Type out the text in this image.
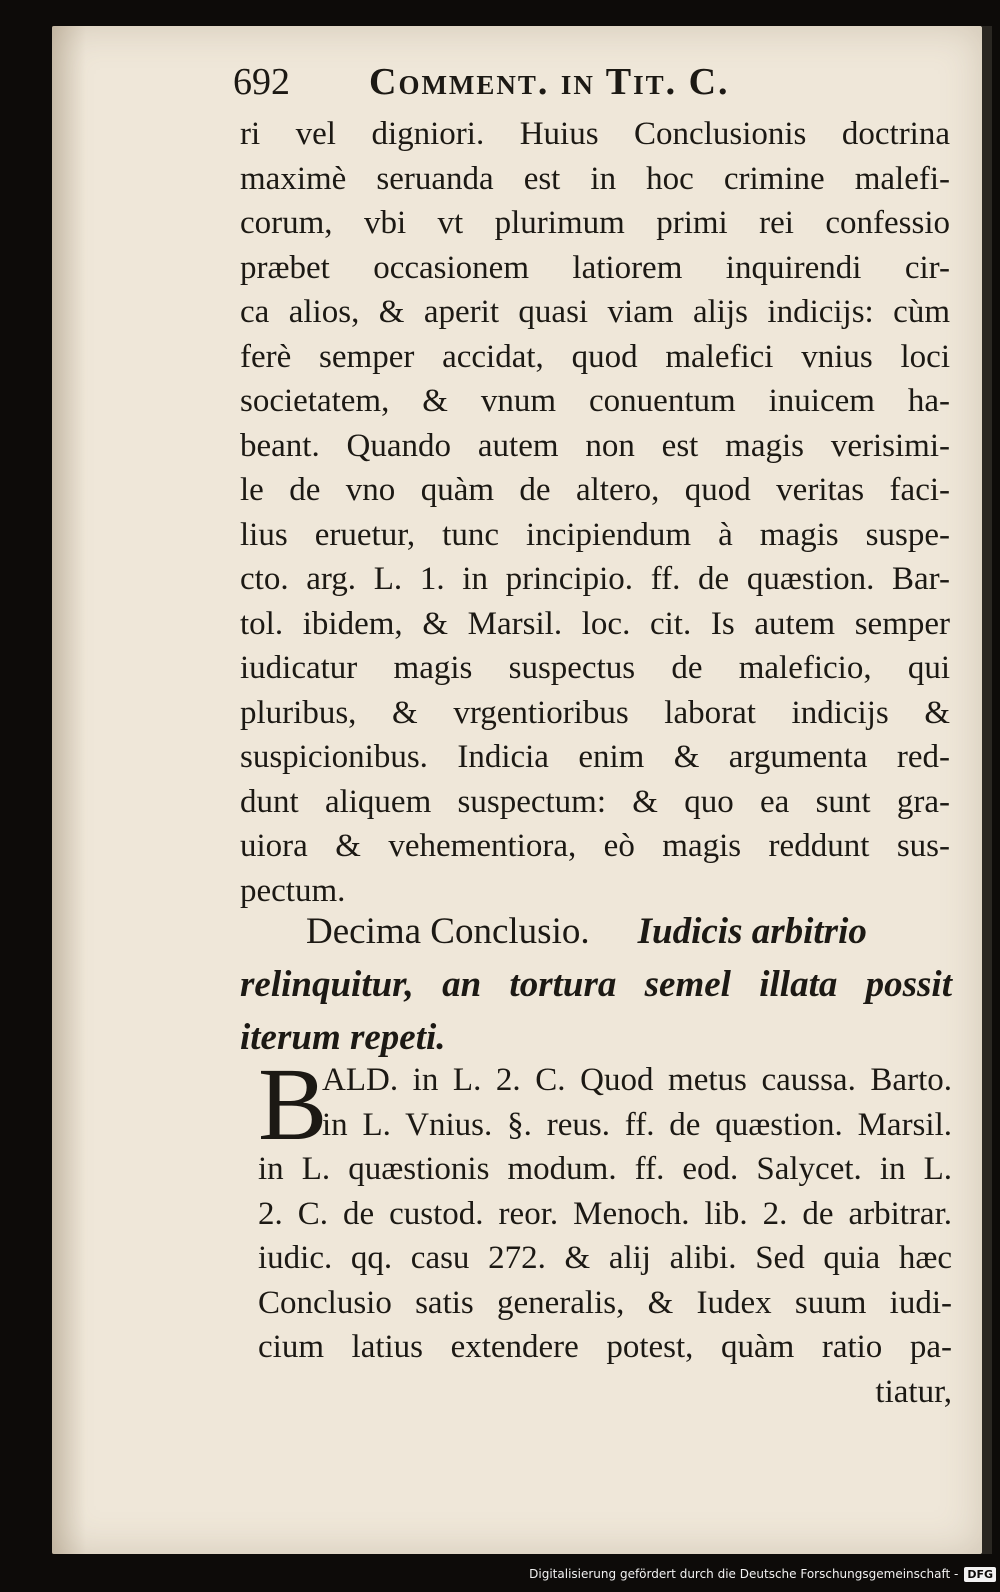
692 Comment. in Tit. C.
ri vel digniori. Huius Conclusionis doctrina
maximè seruanda est in hoc crimine malefi-
corum, vbi vt plurimum primi rei confessio
præbet occasionem latiorem inquirendi cir-
ca alios, & aperit quasi viam alijs indicijs: cùm
ferè semper accidat, quod malefici vnius loci
societatem, & vnum conuentum inuicem ha-
beant. Quando autem non est magis verisimi-
le de vno quàm de altero, quod veritas faci-
lius eruetur, tunc incipiendum à magis suspe-
cto. arg. L. 1. in principio. ff. de quæstion. Bar-
tol. ibidem, & Marsil. loc. cit. Is autem semper
iudicatur magis suspectus de maleficio, qui
pluribus, & vrgentioribus laborat indicijs &
suspicionibus. Indicia enim & argumenta red-
dunt aliquem suspectum: & quo ea sunt gra-
uiora & vehementiora, eò magis reddunt sus-
pectum.
Decima Conclusio. Iudicis arbitrio
relinquitur, an tortura semel illata possit
iterum repeti.
B
ALD. in L. 2. C. Quod metus caussa. Barto.
in L. Vnius. §. reus. ff. de quæstion. Marsil.
in L. quæstionis modum. ff. eod. Salycet. in L.
2. C. de custod. reor. Menoch. lib. 2. de arbitrar.
iudic. qq. casu 272. & alij alibi. Sed quia hæc
Conclusio satis generalis, & Iudex suum iudi-
cium latius extendere potest, quàm ratio pa-
tiatur,
Digitalisierung gefördert durch die Deutsche Forschungsgemeinschaft - DFG
